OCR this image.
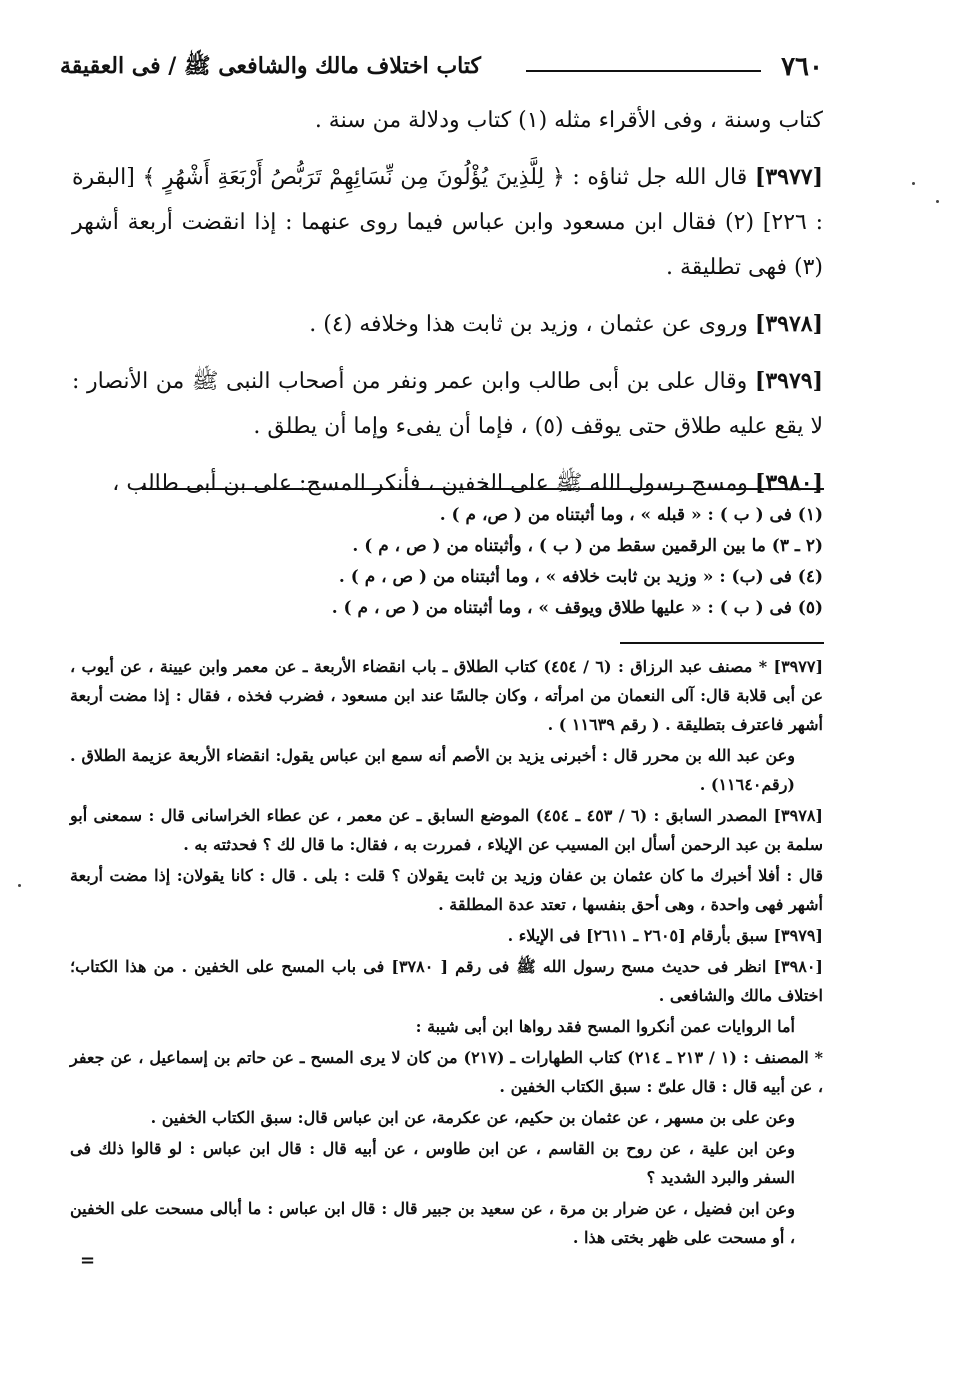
٧٦٠
كتاب اختلاف مالك والشافعى ﷺ / فى العقيقة

كتاب وسنة ، وفى الأقراء مثله (١) كتاب ودلالة من سنة .

[٣٩٧٧] قال الله جل ثناؤه : ﴿ لِلَّذِينَ يُؤْلُونَ مِن نِّسَائِهِمْ تَرَبُّصُ أَرْبَعَةِ أَشْهُرٍ ﴾ [البقرة : ٢٢٦] (٢) فقال ابن مسعود وابن عباس فيما روى عنهما : إذا انقضت أربعة أشهر (٣) فهى تطليقة .

[٣٩٧٨] وروى عن عثمان ، وزيد بن ثابت هذا وخلافه (٤) .

[٣٩٧٩] وقال على بن أبى طالب وابن عمر ونفر من أصحاب النبى ﷺ من الأنصار : لا يقع عليه طلاق حتى يوقف (٥) ، فإما أن يفىء وإما أن يطلق .

[٣٩٨٠] ومسح رسول الله ﷺ على الخفين ، فأنكر المسح: على بن أبى طالب ،

(١) فى ( ب ) : « قبله » ، وما أثبتناه من ( ص، م ) .
(٢ ـ ٣) ما بين الرقمين سقط من ( ب ) ، وأثبتناه من ( ص ، م ) .
(٤) فى (ب) : « وزيد بن ثابت خلافه » ، وما أثبتناه من ( ص ، م ) .
(٥) فى ( ب ) : « عليها طلاق ويوقف » ، وما أثبتناه من ( ص ، م ) .

[٣٩٧٧] * مصنف عبد الرزاق : (٦ / ٤٥٤) كتاب الطلاق ـ باب انقضاء الأربعة ـ عن معمر وابن عيينة ، عن أيوب ، عن أبى قلابة قال: آلى النعمان من امرأته ، وكان جالسًا عند ابن مسعود ، فضرب فخذه ، فقال : إذا مضت أربعة أشهر فاعترف بتطليقة . ( رقم ١١٦٣٩ ) .

وعن عبد الله بن محرر قال : أخبرنى يزيد بن الأصم أنه سمع ابن عباس يقول: انقضاء الأربعة عزيمة الطلاق . (رقم١١٦٤٠) .

[٣٩٧٨] المصدر السابق : (٦ / ٤٥٣ ـ ٤٥٤) الموضع السابق ـ عن معمر ، عن عطاء الخراسانى قال : سمعنى أبو سلمة بن عبد الرحمن أسأل ابن المسيب عن الإيلاء ، فمررت به ، فقال: ما قال لك ؟ فحدثته به .

قال : أفلا أخبرك ما كان عثمان بن عفان وزيد بن ثابت يقولان ؟ قلت : بلى . قال : كانا يقولان: إذا مضت أربعة أشهر فهى واحدة ، وهى أحق بنفسها ، تعتد عدة المطلقة .

[٣٩٧٩] سبق بأرقام [٢٦٠٥ ـ ٢٦١١] فى الإيلاء .

[٣٩٨٠] انظر فى حديث مسح رسول الله ﷺ فى رقم [ ٣٧٨٠] فى باب المسح على الخفين . من هذا الكتاب؛ اختلاف مالك والشافعى .

أما الروايات عمن أنكروا المسح فقد رواها ابن أبى شيبة :

* المصنف : (١ / ٢١٣ ـ ٢١٤) كتاب الطهارات ـ (٢١٧) من كان لا يرى المسح ـ عن حاتم بن إسماعيل ، عن جعفر ، عن أبيه قال : قال علىّ : سبق الكتاب الخفين .

وعن على بن مسهر ، عن عثمان بن حكيم، عن عكرمة، عن ابن عباس قال: سبق الكتاب الخفين .

وعن ابن علية ، عن روح بن القاسم ، عن ابن طاوس ، عن أبيه قال : قال ابن عباس : لو قالوا ذلك فى السفر والبرد الشديد ؟

وعن ابن فضيل ، عن ضرار بن مرة ، عن سعيد بن جبير قال : قال ابن عباس : ما أبالى مسحت على الخفين ، أو مسحت على ظهر بختى هذا .

=
